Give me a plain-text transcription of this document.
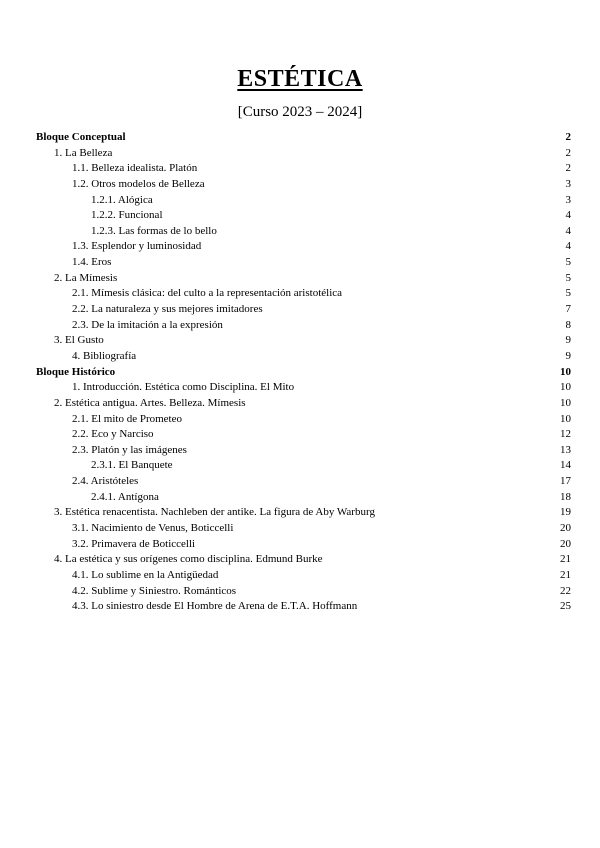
ESTÉTICA
[Curso 2023 – 2024]
Bloque Conceptual	2
1. La Belleza	2
1.1. Belleza idealista. Platón	2
1.2. Otros modelos de Belleza	3
1.2.1. Alógica	3
1.2.2. Funcional	4
1.2.3. Las formas de lo bello	4
1.3. Esplendor y luminosidad	4
1.4. Eros	5
2. La Mímesis	5
2.1. Mímesis clásica: del culto a la representación aristotélica	5
2.2. La naturaleza y sus mejores imitadores	7
2.3. De la imitación a la expresión	8
3. El Gusto	9
4. Bibliografía	9
Bloque Histórico	10
1. Introducción. Estética como Disciplina. El Mito	10
2. Estética antigua. Artes. Belleza. Mímesis	10
2.1. El mito de Prometeo	10
2.2. Eco y Narciso	12
2.3. Platón y las imágenes	13
2.3.1. El Banquete	14
2.4. Aristóteles	17
2.4.1. Antígona	18
3. Estética renacentista. Nachleben der antike. La figura de Aby Warburg	19
3.1. Nacimiento de Venus, Boticcelli	20
3.2. Primavera de Boticcelli	20
4. La estética y sus orígenes como disciplina. Edmund Burke	21
4.1. Lo sublime en la Antigüedad	21
4.2. Sublime y Siniestro. Románticos	22
4.3. Lo siniestro desde El Hombre de Arena de E.T.A. Hoffmann	25
